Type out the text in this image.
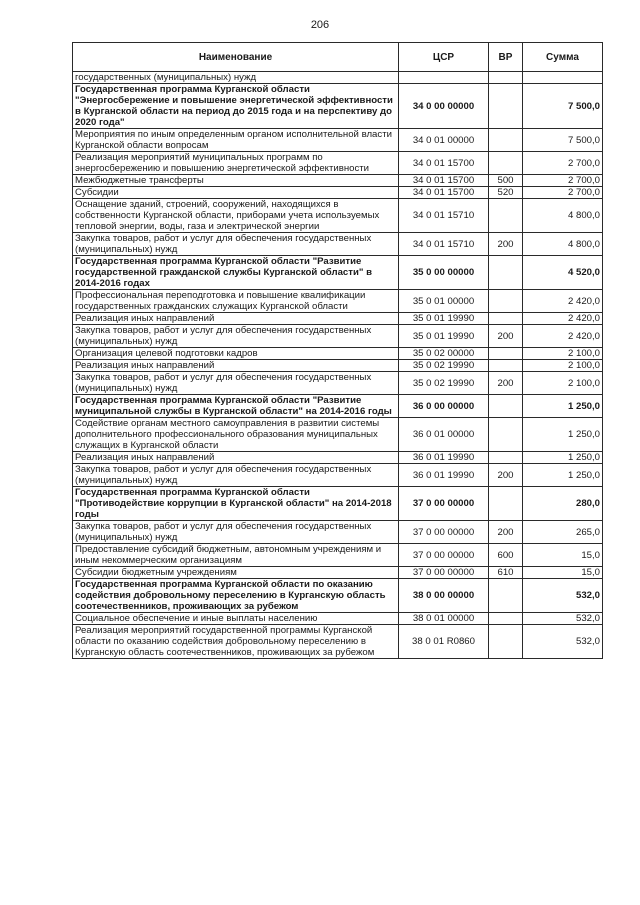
206
Наименование	ЦСР	ВР	Сумма
государственных (муниципальных) нужд			
Государственная программа Курганской области "Энергосбережение и повышение энергетической эффективности в Курганской области на период до 2015 года и на перспективу до 2020 года"	34 0 00 00000		7 500,0
Мероприятия по иным определенным органом исполнительной власти Курганской области вопросам	34 0 01 00000		7 500,0
Реализация мероприятий муниципальных программ по энергосбережению и повышению энергетической эффективности	34 0 01 15700		2 700,0
Межбюджетные трансферты	34 0 01 15700	500	2 700,0
Субсидии	34 0 01 15700	520	2 700,0
Оснащение зданий, строений, сооружений, находящихся в собственности Курганской области, приборами учета используемых тепловой энергии, воды, газа и электрической энергии	34 0 01 15710		4 800,0
Закупка товаров, работ и услуг для обеспечения государственных (муниципальных) нужд	34 0 01 15710	200	4 800,0
Государственная программа Курганской области "Развитие государственной гражданской службы Курганской области" в 2014-2016 годах	35 0 00 00000		4 520,0
Профессиональная переподготовка и повышение квалификации государственных гражданских служащих Курганской области	35 0 01 00000		2 420,0
Реализация иных направлений	35 0 01 19990		2 420,0
Закупка товаров, работ и услуг для обеспечения государственных (муниципальных) нужд	35 0 01 19990	200	2 420,0
Организация целевой подготовки кадров	35 0 02 00000		2 100,0
Реализация иных направлений	35 0 02 19990		2 100,0
Закупка товаров, работ и услуг для обеспечения государственных (муниципальных) нужд	35 0 02 19990	200	2 100,0
Государственная программа Курганской области "Развитие муниципальной службы в Курганской области" на 2014-2016 годы	36 0 00 00000		1 250,0
Содействие органам местного самоуправления в развитии системы дополнительного профессионального образования муниципальных служащих в Курганской области	36 0 01 00000		1 250,0
Реализация иных направлений	36 0 01 19990		1 250,0
Закупка товаров, работ и услуг для обеспечения государственных (муниципальных) нужд	36 0 01 19990	200	1 250,0
Государственная программа Курганской области "Противодействие коррупции в Курганской области" на 2014-2018 годы	37 0 00 00000		280,0
Закупка товаров, работ и услуг для обеспечения государственных (муниципальных) нужд	37 0 00 00000	200	265,0
Предоставление субсидий бюджетным, автономным учреждениям и иным некоммерческим организациям	37 0 00 00000	600	15,0
Субсидии бюджетным учреждениям	37 0 00 00000	610	15,0
Государственная программа Курганской области по оказанию содействия добровольному переселению в Курганскую область соотечественников, проживающих за рубежом	38 0 00 00000		532,0
Социальное обеспечение и иные выплаты населению	38 0 01 00000		532,0
Реализация мероприятий государственной программы Курганской области по оказанию содействия добровольному переселению в Курганскую область соотечественников, проживающих за рубежом	38 0 01 R0860		532,0
